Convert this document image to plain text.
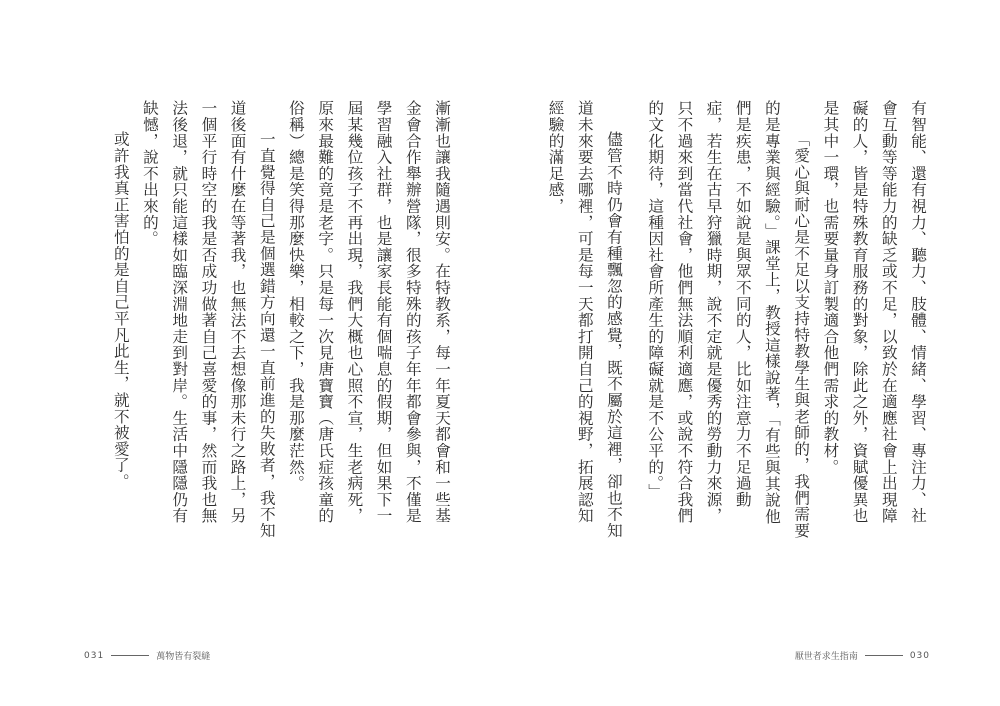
漸漸也讓我隨遇則安。在特教系，每一年夏天都會和一些基金會合作舉辦營隊，很多特殊的孩子年年都會參與，不僅是學習融入社群，也是讓家長能有個喘息的假期，但如果下一屆某幾位孩子不再出現，我們大概也心照不宣，生老病死，原來最難的竟是老字。只是每一次見唐寶寶（唐氏症孩童的俗稱）總是笑得那麼快樂，相較之下，我是那麼茫然。

一直覺得自己是個選錯方向還一直前進的失敗者，我不知道後面有什麼在等著我，也無法不去想像那未行之路上，另一個平行時空的我是否成功做著自己喜愛的事，然而我也無法後退，就只能這樣如臨深淵地走到對岸。生活中隱隱仍有缺憾，說不出來的。

或許我真正害怕的是自己平凡此生，就不被愛了。

031	萬物皆有裂縫

有智能、還有視力、聽力、肢體、情緒、學習、專注力、社會互動等等能力的缺乏或不足，以致於在適應社會上出現障礙的人，皆是特殊教育服務的對象，除此之外，資賦優異也是其中一環，也需要量身訂製適合他們需求的教材。

「愛心與耐心是不足以支持特教學生與老師的，我們需要的是專業與經驗。」課堂上，教授這樣說著，「有些與其說他們是疾患，不如說是與眾不同的人，比如注意力不足過動症，若生在古早狩獵時期，說不定就是優秀的勞動力來源，只不過來到當代社會，他們無法順利適應，或說不符合我們的文化期待，這種因社會所產生的障礙就是不公平的。」

儘管不時仍會有種飄忽的感覺，既不屬於這裡，卻也不知道未來要去哪裡，可是每一天都打開自己的視野，拓展認知經驗的滿足感，

厭世者求生指南	030
